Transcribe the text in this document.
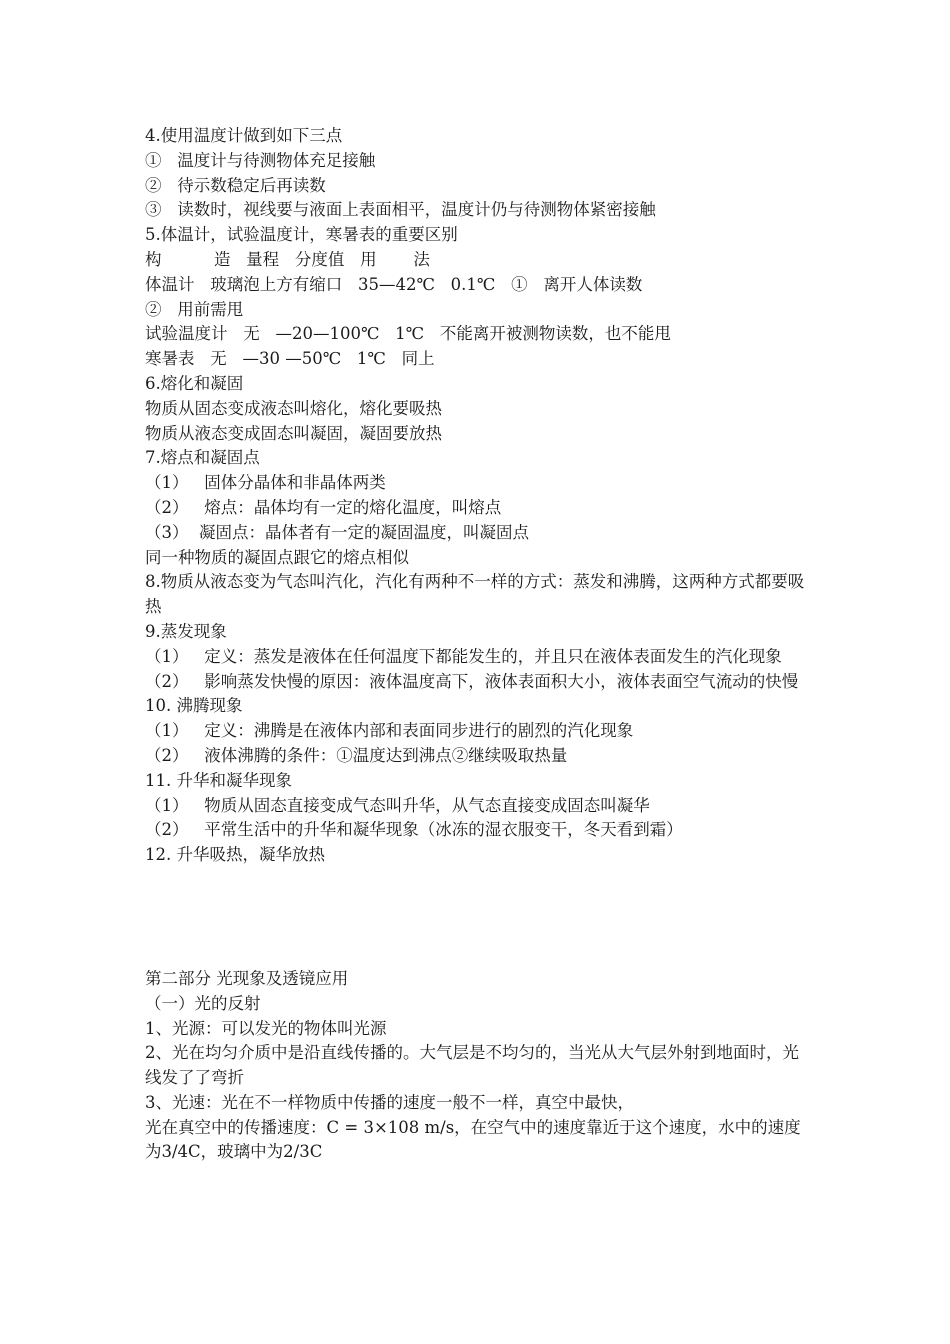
4.使用温度计做到如下三点

①   温度计与待测物体充足接触

②   待示数稳定后再读数

③   读数时，视线要与液面上表面相平，温度计仍与待测物体紧密接触

5.体温计，试验温度计，寒暑表的重要区别

构          造   量程   分度值   用       法

体温计   玻璃泡上方有缩口   35—42℃   0.1℃   ①   离开人体读数

②   用前需甩

试验温度计   无   —20—100℃   1℃   不能离开被测物读数，也不能甩

寒暑表   无   —30 —50℃   1℃   同上

6.熔化和凝固

物质从固态变成液态叫熔化，熔化要吸热

物质从液态变成固态叫凝固，凝固要放热

7.熔点和凝固点

（1）   固体分晶体和非晶体两类

（2）   熔点：晶体均有一定的熔化温度，叫熔点

（3）  凝固点：晶体者有一定的凝固温度，叫凝固点

同一种物质的凝固点跟它的熔点相似

8.物质从液态变为气态叫汽化，汽化有两种不一样的方式：蒸发和沸腾，这两种方式都要吸热

9.蒸发现象

（1）   定义：蒸发是液体在任何温度下都能发生的，并且只在液体表面发生的汽化现象

（2）   影响蒸发快慢的原因：液体温度高下，液体表面积大小，液体表面空气流动的快慢

10. 沸腾现象

（1）   定义：沸腾是在液体内部和表面同步进行的剧烈的汽化现象

（2）   液体沸腾的条件：①温度达到沸点②继续吸取热量

11. 升华和凝华现象

（1）   物质从固态直接变成气态叫升华，从气态直接变成固态叫凝华

（2）   平常生活中的升华和凝华现象（冰冻的湿衣服变干，冬天看到霜）

12. 升华吸热，凝华放热

第二部分 光现象及透镜应用

（一）光的反射

1、光源：可以发光的物体叫光源

2、光在均匀介质中是沿直线传播的。大气层是不均匀的，当光从大气层外射到地面时，光线发了了弯折

3、光速：光在不一样物质中传播的速度一般不一样，真空中最快，

光在真空中的传播速度：C = 3×108 m/s，在空气中的速度靠近于这个速度，水中的速度为3/4C，玻璃中为2/3C
